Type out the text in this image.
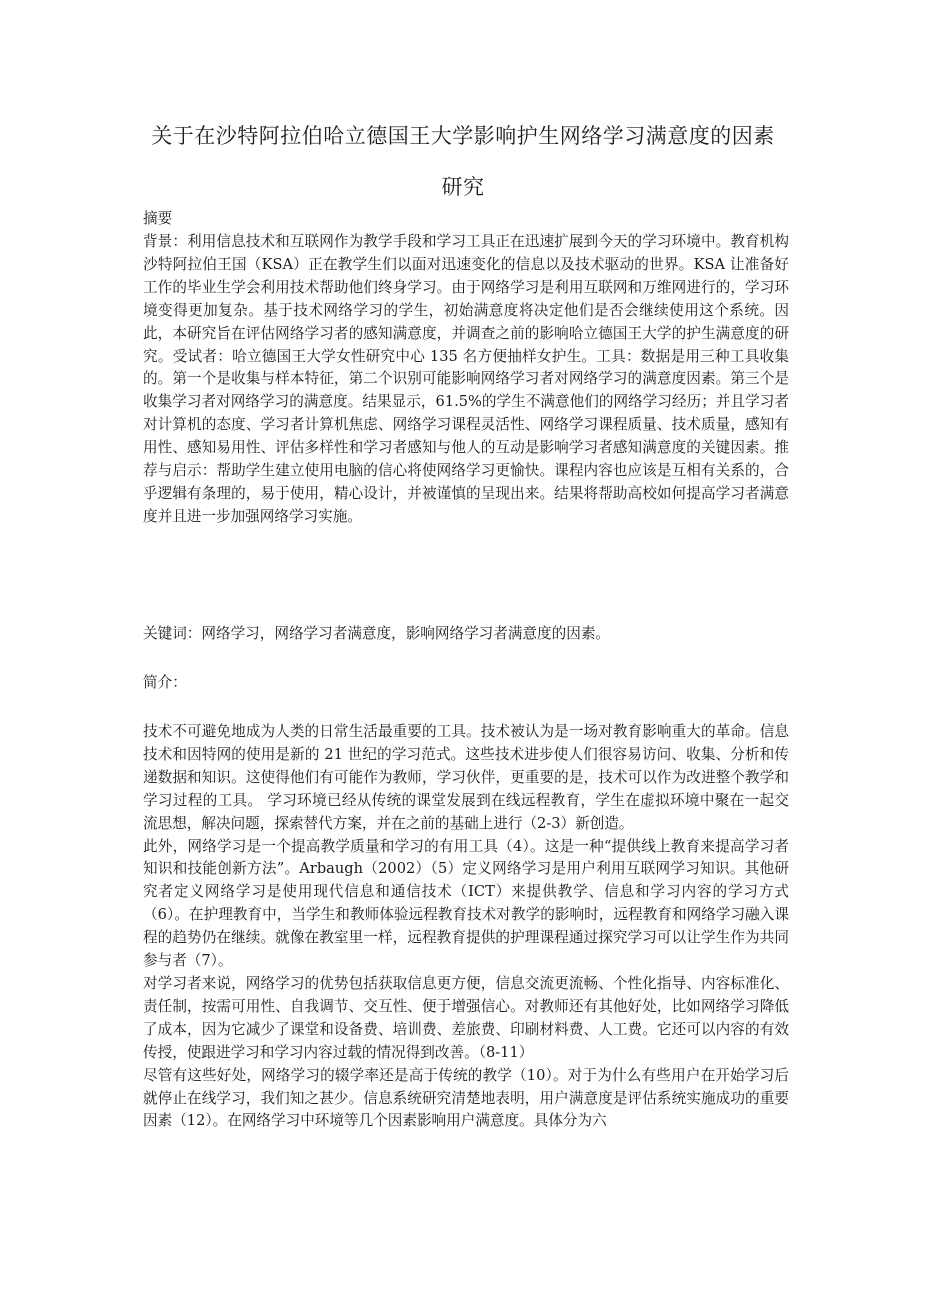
关于在沙特阿拉伯哈立德国王大学影响护生网络学习满意度的因素
研究
摘要
背景：利用信息技术和互联网作为教学手段和学习工具正在迅速扩展到今天的学习环境中。教育机构沙特阿拉伯王国（KSA）正在教学生们以面对迅速变化的信息以及技术驱动的世界。KSA 让准备好工作的毕业生学会利用技术帮助他们终身学习。由于网络学习是利用互联网和万维网进行的，学习环境变得更加复杂。基于技术网络学习的学生，初始满意度将决定他们是否会继续使用这个系统。因此，本研究旨在评估网络学习者的感知满意度，并调查之前的影响哈立德国王大学的护生满意度的研究。受试者：哈立德国王大学女性研究中心 135 名方便抽样女护生。工具：数据是用三种工具收集的。第一个是收集与样本特征，第二个识别可能影响网络学习者对网络学习的满意度因素。第三个是收集学习者对网络学习的满意度。结果显示，61.5%的学生不满意他们的网络学习经历；并且学习者对计算机的态度、学习者计算机焦虑、网络学习课程灵活性、网络学习课程质量、技术质量，感知有用性、感知易用性、评估多样性和学习者感知与他人的互动是影响学习者感知满意度的关键因素。推荐与启示：帮助学生建立使用电脑的信心将使网络学习更愉快。课程内容也应该是互相有关系的，合乎逻辑有条理的，易于使用，精心设计，并被谨慎的呈现出来。结果将帮助高校如何提高学习者满意度并且进一步加强网络学习实施。
关键词：网络学习，网络学习者满意度，影响网络学习者满意度的因素。
简介：

技术不可避免地成为人类的日常生活最重要的工具。技术被认为是一场对教育影响重大的革命。信息技术和因特网的使用是新的 21 世纪的学习范式。这些技术进步使人们很容易访问、收集、分析和传递数据和知识。这使得他们有可能作为教师，学习伙伴，更重要的是，技术可以作为改进整个教学和学习过程的工具。 学习环境已经从传统的课堂发展到在线远程教育，学生在虚拟环境中聚在一起交流思想，解决问题，探索替代方案，并在之前的基础上进行（2-3）新创造。

此外，网络学习是一个提高教学质量和学习的有用工具（4）。这是一种“提供线上教育来提高学习者知识和技能创新方法”。Arbaugh（2002）（5）定义网络学习是用户利用互联网学习知识。其他研究者定义网络学习是使用现代信息和通信技术（ICT）来提供教学、信息和学习内容的学习方式（6）。在护理教育中，当学生和教师体验远程教育技术对教学的影响时，远程教育和网络学习融入课程的趋势仍在继续。就像在教室里一样，远程教育提供的护理课程通过探究学习可以让学生作为共同参与者（7）。

对学习者来说，网络学习的优势包括获取信息更方便，信息交流更流畅、个性化指导、内容标准化、责任制，按需可用性、自我调节、交互性、便于增强信心。对教师还有其他好处，比如网络学习降低了成本，因为它减少了课堂和设备费、培训费、差旅费、印刷材料费、人工费。它还可以内容的有效传授，使跟进学习和学习内容过载的情况得到改善。（8-11）

尽管有这些好处，网络学习的辍学率还是高于传统的教学（10）。对于为什么有些用户在开始学习后就停止在线学习，我们知之甚少。信息系统研究清楚地表明，用户满意度是评估系统实施成功的重要因素（12）。在网络学习中环境等几个因素影响用户满意度。具体分为六
